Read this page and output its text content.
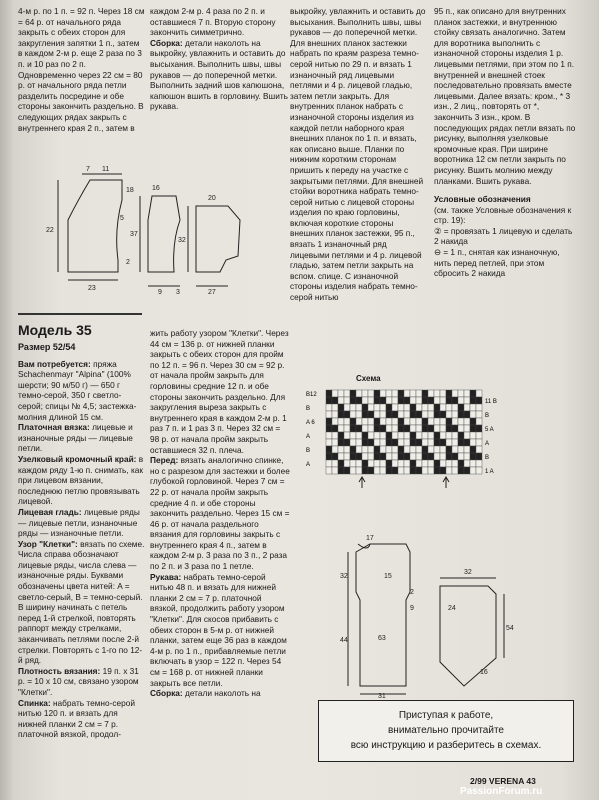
4-м р. по 1 п. = 92 п. Через 18 см = 64 р. от начального ряда закрыть с обеих сторон для закругления запятки 1 п., затем в каждом 2-м р. еще 2 раза по 3 п. и 10 раз по 2 п. Одновременно через 22 см = 80 р. от начального ряда петли разделить посредине и обе стороны закончить раздельно. В следующих рядах закрыть с внутреннего края 2 п., затем в

каждом 2-м р. 4 раза по 2 п. и оставшиеся 7 п. Вторую сторону закончить симметрично.

Сборка: детали наколоть на выкройку, увлажнить и оставить до высыхания. Выполнить швы, швы рукавов — до поперечной метки. Выполнить задний шов капюшона, капюшон вшить в горловину. Вшить рукава.

выкройку, увлажнить и оставить до высыхания. Выполнить швы, швы рукавов — до поперечной метки. Для внешних планок застежки набрать по краям разреза темно-серой нитью по 29 п. и вязать 1 изнаночный ряд лицевыми петлями и 4 р. лицевой гладью, затем петли закрыть. Для внутренних планок набрать с изнаночной стороны изделия из каждой петли наборного края внешних планок по 1 п. и вязать, как описано выше. Планки по нижним коротким сторонам пришить к переду на участке с закрытыми петлями. Для внешней стойки воротника набрать темно-серой нитью с лицевой стороны изделия по краю горловины, включая короткие стороны внешних планок застежки, 95 п., вязать 1 изнаночный ряд лицевыми петлями и 4 р. лицевой гладью, затем петли закрыть на вспом. спице. С изнаночной стороны изделия набрать темно-серой нитью

95 п., как описано для внутренних планок застежки, и внутреннюю стойку связать аналогично. Затем для воротника выполнить с изнаночной стороны изделия 1 р. лицевыми петлями, при этом по 1 п. внутренней и внешней стоек последовательно провязать вместе лицевыми. Далее вязать: кром., * 3 изн., 2 лиц., повторять от *, закончить 3 изн., кром. В последующих рядах петли вязать по рисунку, выполняя узелковые кромочные края. При ширине воротника 12 см петли закрыть по рисунку. Вшить молнию между планками. Вшить рукава.

Условные обозначения

(см. также Условные обозначения к стр. 19):

② = провязать 1 лицевую и сделать 2 накида

⊖ = 1 п., снятая как изнаночную, нить перед петлей, при этом сбросить 2 накида

7 11
18
22
23
2
5
9 3	27
16
37
20
32
Модель 35

Размер 52/54

Вам потребуется: пряжа Schachenmayr "Alpina" (100% шерсти; 90 м/50 г) — 650 г темно-серой, 350 г светло-серой; спицы № 4,5; застежка-молния длиной 15 см.

Платочная вязка: лицевые и изнаночные ряды — лицевые петли.

Узелковый кромочный край: в каждом ряду 1-ю п. снимать, как при лицевом вязании, последнюю петлю провязывать лицевой.

Лицевая гладь: лицевые ряды — лицевые петли, изнаночные ряды — изнаночные петли.

Узор "Клетки": вязать по схеме. Числа справа обозначают лицевые ряды, числа слева — изнаночные ряды. Буквами обозначены цвета нитей: A = светло-серый, B = темно-серый. В ширину начинать с петель перед 1-й стрелкой, повторять раппорт между стрелками, заканчивать петлями после 2-й стрелки. Повторять с 1-го по 12-й ряд.

Плотность вязания: 19 п. x 31 р. = 10 x 10 см, связано узором "Клетки".

Спинка: набрать темно-серой нитью 120 п. и вязать для нижней планки 2 см = 7 р. платочной вязкой, продол-

жить работу узором "Клетки". Через 44 см = 136 р. от нижней планки закрыть с обеих сторон для пройм по 12 п. = 96 п. Через 30 см = 92 р. от начала пройм закрыть для горловины средние 12 п. и обе стороны закончить раздельно. Для закругления выреза закрыть с внутреннего края в каждом 2-м р. 1 раз 7 п. и 1 раз 3 п. Через 32 см = 98 р. от начала пройм закрыть оставшиеся 32 п. плеча.

Перед: вязать аналогично спинке, но с разрезом для застежки и более глубокой горловиной. Через 7 см = 22 р. от начала пройм закрыть средние 4 п. и обе стороны закончить раздельно. Через 15 см = 46 р. от начала раздельного вязания для горловины закрыть с внутреннего края 4 п., затем в каждом 2-м р. 3 раза по 3 п., 2 раза по 2 п. и 3 раза по 1 петле.

Рукава: набрать темно-серой нитью 48 п. и вязать для нижней планки 2 см = 7 р. платочной вязкой, продолжить работу узором "Клетки". Для скосов прибавить с обеих сторон в 5-м р. от нижней планки, затем еще 36 раз в каждом 4-м р. по 1 п., прибавляемые петли включать в узор = 122 п. Через 54 см = 168 р. от нижней планки закрыть все петли.

Сборка: детали наколоть на

Схема
B12
B
A 6
A
B
A
11 B
B
5 A
A
B
1 A
17
32
44	63
31
32
54
24
9
2
15
16
Приступая к работе,
внимательно прочитайте
всю инструкцию и разберитесь в схемах.
2/99 VERENA 43
PassionForum.ru
